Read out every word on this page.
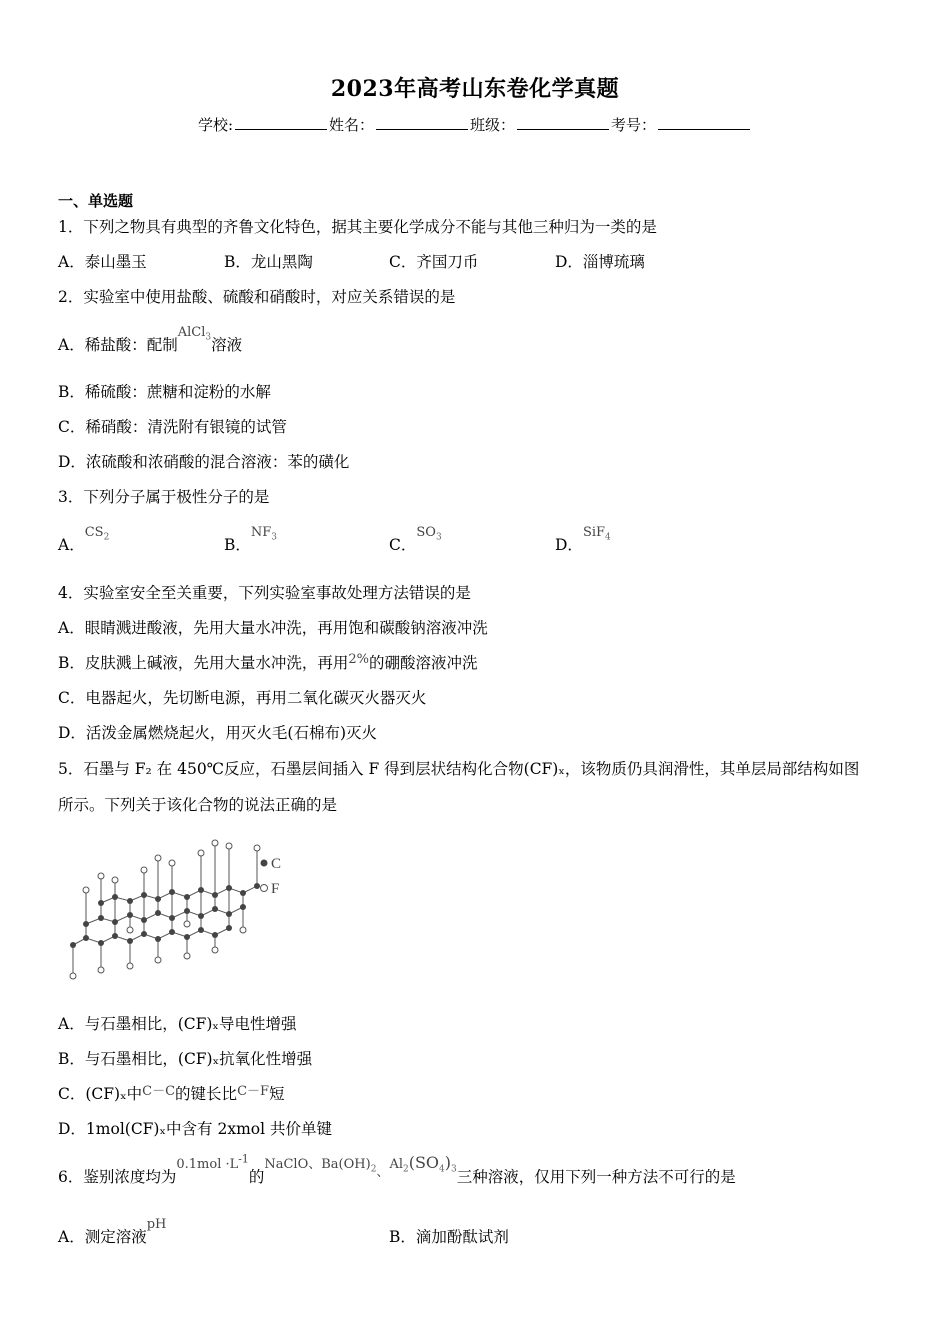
2023年高考山东卷化学真题
学校:	姓名：	班级：	考号：
一、单选题
1．下列之物具有典型的齐鲁文化特色，据其主要化学成分不能与其他三种归为一类的是
A．泰山墨玉	B．龙山黑陶	C．齐国刀币	D．淄博琉璃
2．实验室中使用盐酸、硫酸和硝酸时，对应关系错误的是
A．稀盐酸：配制$^{AlCl_3}$溶液
B．稀硫酸：蔗糖和淀粉的水解
C．稀硝酸：清洗附有银镜的试管
D．浓硫酸和浓硝酸的混合溶液：苯的磺化
3．下列分子属于极性分子的是
A．$^{CS_2}$	B．$^{NF_3}$	C．$^{SO_3}$	D．$^{SiF_4}$
4．实验室安全至关重要，下列实验室事故处理方法错误的是
A．眼睛溅进酸液，先用大量水冲洗，再用饱和碳酸钠溶液冲洗
B．皮肤溅上碱液，先用大量水冲洗，再用$^{2\%}$的硼酸溶液冲洗
C．电器起火，先切断电源，再用二氧化碳灭火器灭火
D．活泼金属燃烧起火，用灭火毛(石棉布)灭火
5．石墨与 F₂ 在 450℃反应，石墨层间插入 F 得到层状结构化合物(CF)ₓ，该物质仍具润滑性，其单层局部结构如图
所示。下列关于该化合物的说法正确的是
C
F
A．与石墨相比，(CF)ₓ导电性增强
B．与石墨相比，(CF)ₓ抗氧化性增强
C．(CF)ₓ中$^{C-C}$的键长比$^{C-F}$短
D．1mol(CF)ₓ中含有 2xmol 共价单键
6．鉴别浓度均为$^{0.1mol \cdot L^{-1}}$的$^{NaClO、Ba(OH)_2、Al_2(SO_4)_3}$三种溶液，仅用下列一种方法不可行的是
A．测定溶液$^{pH}$
B．滴加酚酞试剂
